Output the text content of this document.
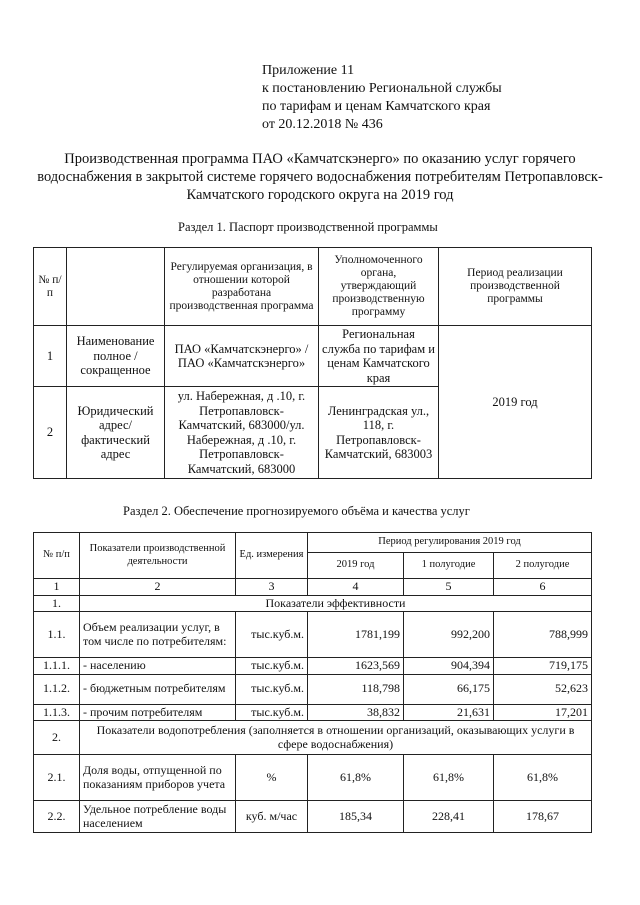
Приложение 11
к постановлению Региональной службы
по тарифам и ценам Камчатского края
от 20.12.2018 № 436
Производственная программа ПАО «Камчатскэнерго» по оказанию услуг горячего водоснабжения в закрытой системе горячего водоснабжения потребителям Петропавловск-Камчатского городского округа на 2019 год
Раздел 1. Паспорт производственной программы
№ п/п		Регулируемая организация, в отношении которой разработана производственная программа	Уполномоченного органа, утверждающий производственную программу	Период реализации производственной программы
1	Наименование полное / сокращенное	ПАО «Камчатскэнерго» / ПАО «Камчатскэнерго»	Региональная служба по тарифам и ценам Камчатского края	2019 год
2	Юридический адрес/фактический адрес	ул. Набережная, д .10, г. Петропавловск-Камчатский, 683000/ул. Набережная, д .10, г. Петропавловск-Камчатский, 683000	Ленинградская ул., 118, г. Петропавловск-Камчатский, 683003	
Раздел 2. Обеспечение прогнозируемого объёма и качества услуг
№ п/п	Показатели производственной деятельности	Ед. измерения	Период регулирования 2019 год		
			2019 год	1 полугодие	2 полугодие
1	2	3	4	5	6
1.	Показатели эффективности				
1.1.	Объем реализации услуг, в том числе по потребителям:	тыс.куб.м.	1781,199	992,200	788,999
1.1.1.	- населению	тыс.куб.м.	1623,569	904,394	719,175
1.1.2.	- бюджетным потребителям	тыс.куб.м.	118,798	66,175	52,623
1.1.3.	- прочим потребителям	тыс.куб.м.	38,832	21,631	17,201
2.	Показатели водопотребления (заполняется в отношении организаций, оказывающих услуги в сфере водоснабжения)				
2.1.	Доля воды, отпущенной по показаниям приборов учета	%	61,8%	61,8%	61,8%
2.2.	Удельное потребление воды населением	куб. м/час	185,34	228,41	178,67
